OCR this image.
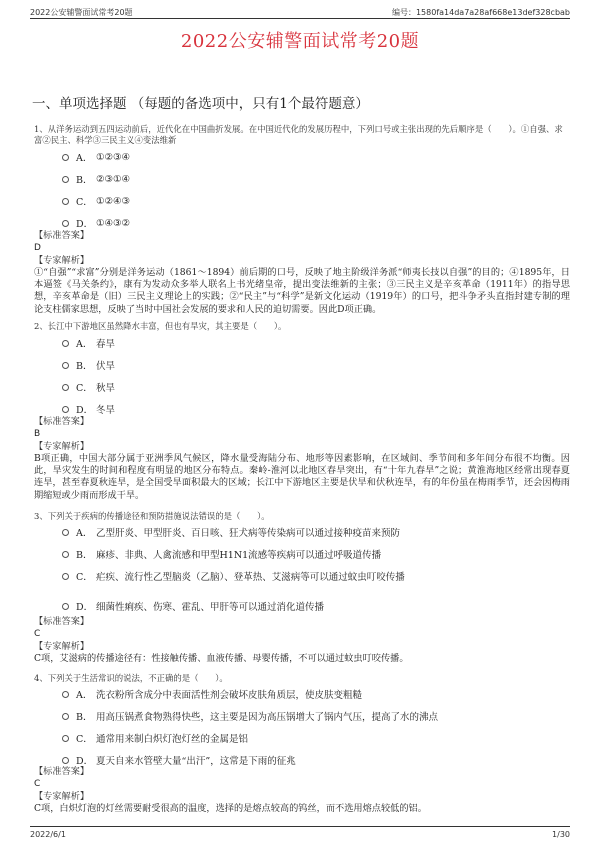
2022公安辅警面试常考20题	编号：1580fa14da7a28af668e13def328cbab
2022公安辅警面试常考20题
一、单项选择题 （每题的备选项中，只有1个最符题意）
1、从洋务运动到五四运动前后，近代化在中国曲折发展。在中国近代化的发展历程中，下列口号或主张出现的先后顺序是（　　）。①自强、求富②民主、科学③三民主义④变法维新
A． ①②③④
B． ②③①④
C． ①②④③
D． ①④③②
【标准答案】
D
【专家解析】
①“自强”“求富”分别是洋务运动（1861～1894）前后期的口号，反映了地主阶级洋务派“师夷长技以自强”的目的；④1895年，日本逼签《马关条约》，康有为发动众多举人联名上书光绪皇帝，提出变法维新的主张；③三民主义是辛亥革命（1911年）的指导思想，辛亥革命是（旧）三民主义理论上的实践；②“民主”与“科学”是新文化运动（1919年）的口号，把斗争矛头直指封建专制的理论支柱儒家思想，反映了当时中国社会发展的要求和人民的迫切需要。因此D项正确。
2、长江中下游地区虽然降水丰富，但也有旱灾，其主要是（　　）。
A． 春旱
B． 伏旱
C． 秋旱
D． 冬旱
【标准答案】
B
【专家解析】
B项正确，中国大部分属于亚洲季风气候区，降水量受海陆分布、地形等因素影响，在区域间、季节间和多年间分布很不均衡。因此，旱灾发生的时间和程度有明显的地区分布特点。秦岭-淮河以北地区春旱突出，有“十年九春旱”之说；黄淮海地区经常出现春夏连旱，甚至春夏秋连旱，是全国受旱面积最大的区域；长江中下游地区主要是伏旱和伏秋连旱，有的年份虽在梅雨季节，还会因梅雨期缩短或少雨而形成干旱。
3、下列关于疾病的传播途径和预防措施说法错误的是（　　）。
A． 乙型肝炎、甲型肝炎、百日咳、狂犬病等传染病可以通过接种疫苗来预防
B． 麻疹、非典、人禽流感和甲型H1N1流感等疾病可以通过呼吸道传播
C． 疟疾、流行性乙型脑炎（乙脑）、登革热、艾滋病等可以通过蚊虫叮咬传播
D． 细菌性痢疾、伤寒、霍乱、甲肝等可以通过消化道传播
【标准答案】
C
【专家解析】
C项，艾滋病的传播途径有：性接触传播、血液传播、母婴传播，不可以通过蚊虫叮咬传播。
4、下列关于生活常识的说法，不正确的是（　　）。
A． 洗衣粉所含成分中表面活性剂会破坏皮肤角质层，使皮肤变粗糙
B． 用高压锅煮食物熟得快些，这主要是因为高压锅增大了锅内气压，提高了水的沸点
C． 通常用来制白炽灯泡灯丝的金属是铝
D． 夏天自来水管壁大量“出汗”，这常是下雨的征兆
【标准答案】
C
【专家解析】
C项，白炽灯泡的灯丝需要耐受很高的温度，选择的是熔点较高的钨丝，而不选用熔点较低的铝。
2022/6/1	1/30
